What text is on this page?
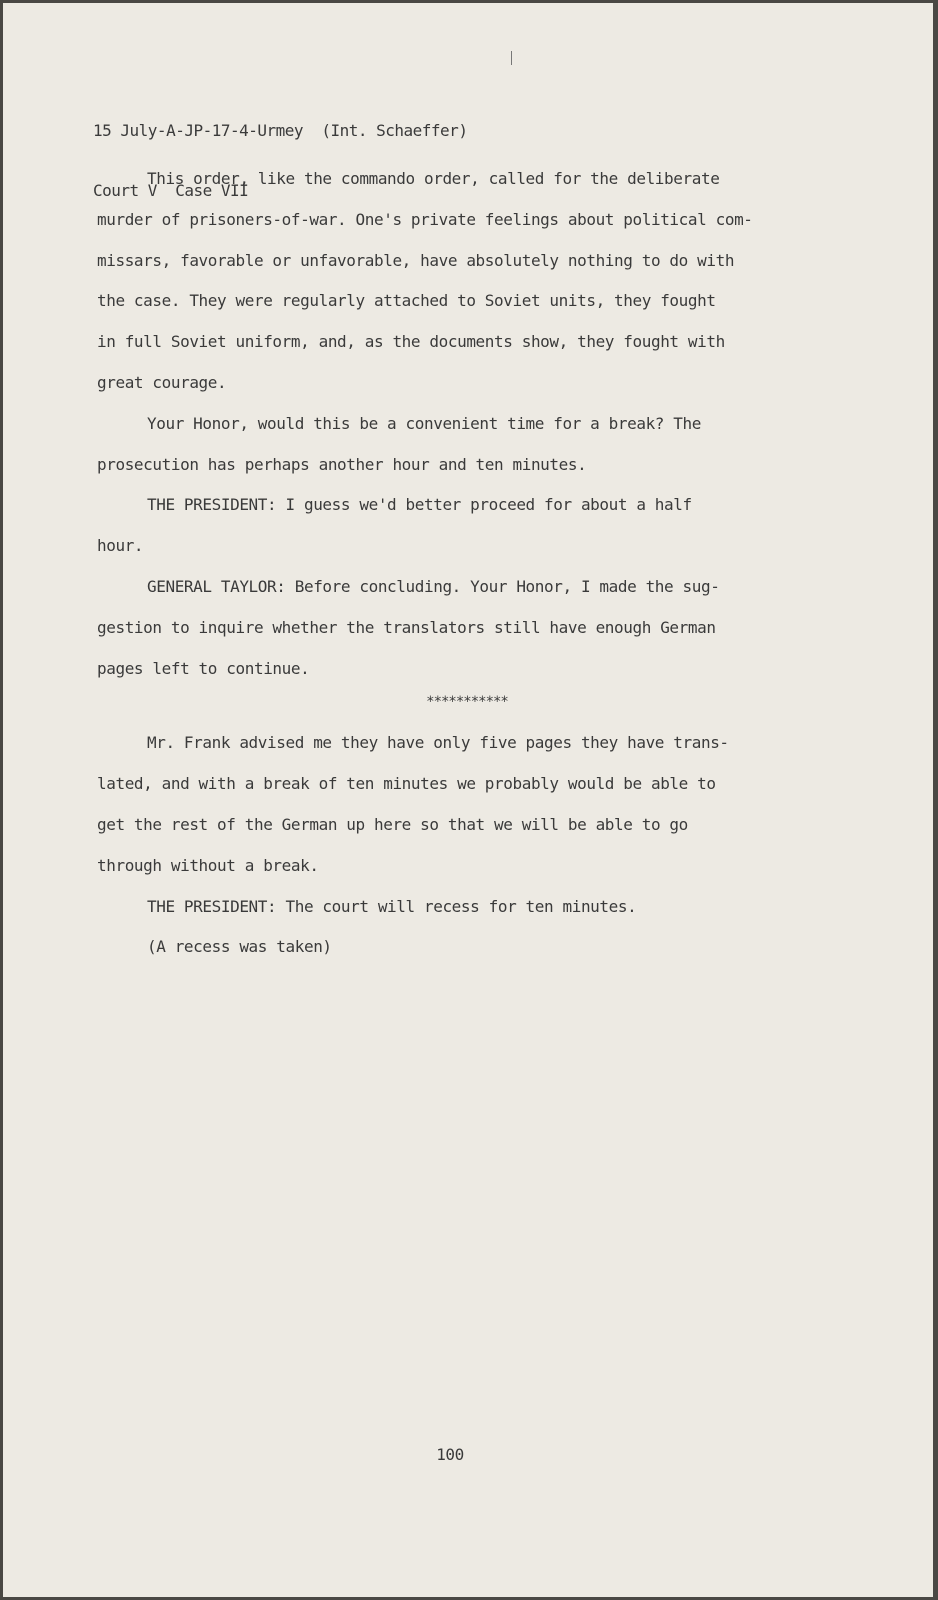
15 July-A-JP-17-4-Urmey  (Int. Schaeffer)

Court V  Case VII

This order, like the commando order, called for the deliberate
murder of prisoners-of-war. One's private feelings about political com-
missars, favorable or unfavorable, have absolutely nothing to do with
the case. They were regularly attached to Soviet units, they fought
in full Soviet uniform, and, as the documents show, they fought with
great courage.

Your Honor, would this be a convenient time for a break? The
prosecution has perhaps another hour and ten minutes.

THE PRESIDENT: I guess we'd better proceed for about a half
hour.

GENERAL TAYLOR: Before concluding. Your Honor, I made the sug-
gestion to inquire whether the translators still have enough German
pages left to continue.

***********

Mr. Frank advised me they have only five pages they have trans-
lated, and with a break of ten minutes we probably would be able to
get the rest of the German up here so that we will be able to go
through without a break.

THE PRESIDENT: The court will recess for ten minutes.

(A recess was taken)

100
